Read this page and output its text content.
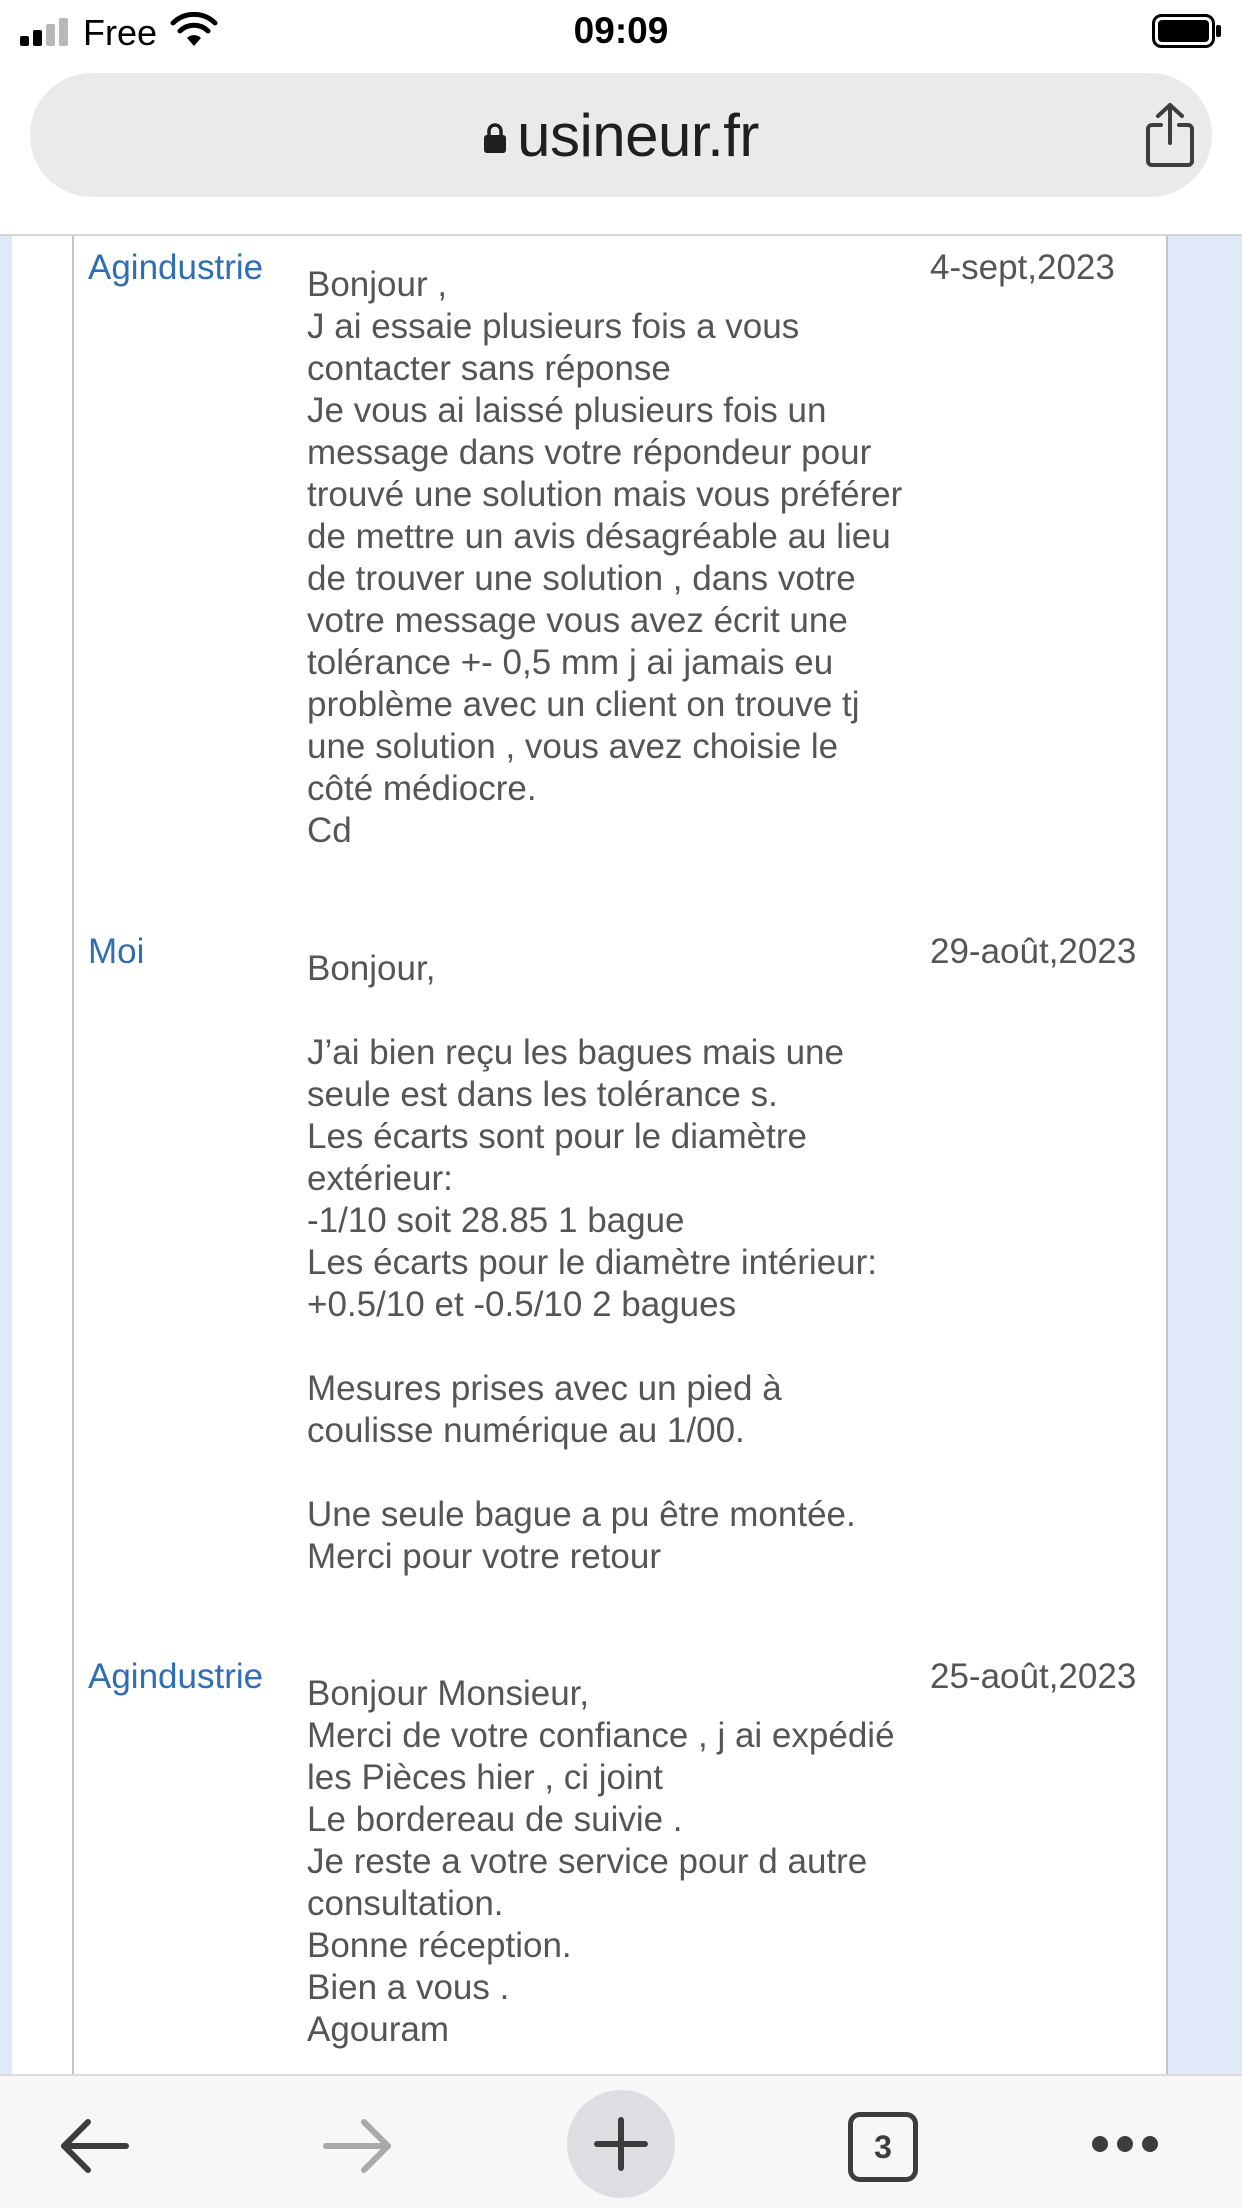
Free	09:09
usineur.fr
Agindustrie Bonjour ,
J ai essaie plusieurs fois a vous contacter sans réponse
Je vous ai laissé plusieurs fois un message dans votre répondeur pour trouvé une solution mais vous préférer de mettre un avis désagréable au lieu de trouver une solution , dans votre votre message vous avez écrit une tolérance +- 0,5 mm j ai jamais eu problème avec un client on trouve tj une solution , vous avez choisie le côté médiocre.
Cd
4-sept,2023
Moi	Bonjour,

J’ai bien reçu les bagues mais une seule est dans les tolérance s.
Les écarts sont pour le diamètre extérieur:
-1/10 soit 28.85 1 bague
Les écarts pour le diamètre intérieur: +0.5/10 et -0.5/10 2 bagues

Mesures prises avec un pied à coulisse numérique au 1/00.

Une seule bague a pu être montée.
Merci pour votre retour
29-août,2023
Agindustrie Bonjour Monsieur,
Merci de votre confiance , j ai expédié les Pièces hier , ci joint
Le bordereau de suivie .
Je reste a votre service pour d autre consultation.
Bonne réception.
Bien a vous .
Agouram
25-août,2023
3
